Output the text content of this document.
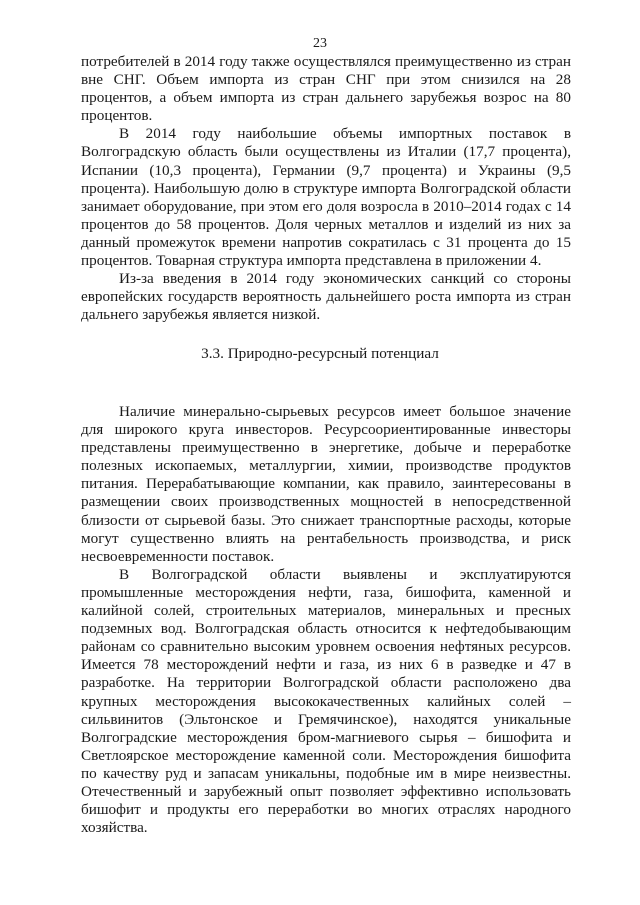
23

потребителей в 2014 году также осуществлялся преимущественно из стран вне СНГ. Объем импорта из стран СНГ при этом снизился на 28 процентов, а объем импорта из стран дальнего зарубежья возрос на 80 процентов.

В 2014 году наибольшие объемы импортных поставок в Волгоградскую область были осуществлены из Италии (17,7 процента), Испании (10,3 процента), Германии (9,7 процента) и Украины (9,5 процента). Наибольшую долю в структуре импорта Волгоградской области занимает оборудование, при этом его доля возросла в 2010–2014 годах с 14 процентов до 58 процентов. Доля черных металлов и изделий из них за данный промежуток времени напротив сократилась с 31 процента до 15 процентов. Товарная структура импорта представлена в приложении 4.

Из-за введения в 2014 году экономических санкций со стороны европейских государств вероятность дальнейшего роста импорта из стран дальнего зарубежья является низкой.

3.3. Природно-ресурсный потенциал

Наличие минерально-сырьевых ресурсов имеет большое значение для широкого круга инвесторов. Ресурсоориентированные инвесторы представлены преимущественно в энергетике, добыче и переработке полезных ископаемых, металлургии, химии, производстве продуктов питания. Перерабатывающие компании, как правило, заинтересованы в размещении своих производственных мощностей в непосредственной близости от сырьевой базы. Это снижает транспортные расходы, которые могут существенно влиять на рентабельность производства, и риск несвоевременности поставок.

В Волгоградской области выявлены и эксплуатируются промышленные месторождения нефти, газа, бишофита, каменной и калийной солей, строительных материалов, минеральных и пресных подземных вод. Волгоградская область относится к нефтедобывающим районам со сравнительно высоким уровнем освоения нефтяных ресурсов. Имеется 78 месторождений нефти и газа, из них 6 в разведке и 47 в разработке. На территории Волгоградской области расположено два крупных месторождения высококачественных калийных солей – сильвинитов (Эльтонское и Гремячинское), находятся уникальные Волгоградские месторождения бром-магниевого сырья – бишофита и Светлоярское месторождение каменной соли. Месторождения бишофита по качеству руд и запасам уникальны, подобные им в мире неизвестны. Отечественный и зарубежный опыт позволяет эффективно использовать бишофит и продукты его переработки во многих отраслях народного хозяйства.
